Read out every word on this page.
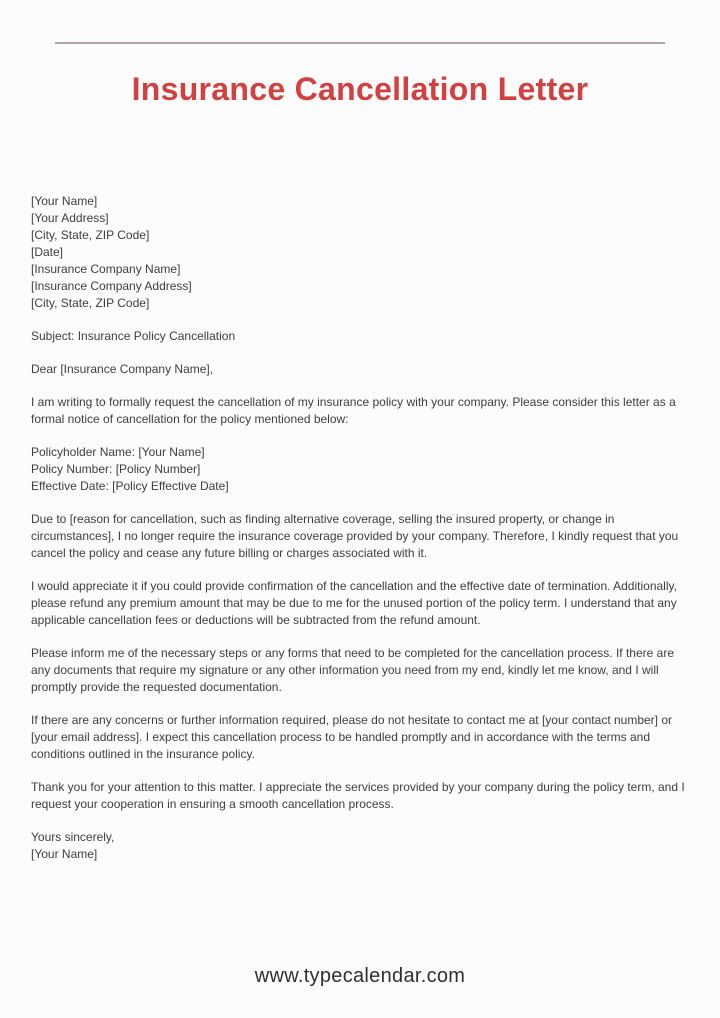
Insurance Cancellation Letter
[Your Name]
[Your Address]
[City, State, ZIP Code]
[Date]
[Insurance Company Name]
[Insurance Company Address]
[City, State, ZIP Code]

Subject: Insurance Policy Cancellation

Dear [Insurance Company Name],

I am writing to formally request the cancellation of my insurance policy with your company. Please consider this letter as a formal notice of cancellation for the policy mentioned below:

Policyholder Name: [Your Name]
Policy Number: [Policy Number]
Effective Date: [Policy Effective Date]

Due to [reason for cancellation, such as finding alternative coverage, selling the insured property, or change in circumstances], I no longer require the insurance coverage provided by your company. Therefore, I kindly request that you cancel the policy and cease any future billing or charges associated with it.

I would appreciate it if you could provide confirmation of the cancellation and the effective date of termination. Additionally, please refund any premium amount that may be due to me for the unused portion of the policy term. I understand that any applicable cancellation fees or deductions will be subtracted from the refund amount.

Please inform me of the necessary steps or any forms that need to be completed for the cancellation process. If there are any documents that require my signature or any other information you need from my end, kindly let me know, and I will promptly provide the requested documentation.

If there are any concerns or further information required, please do not hesitate to contact me at [your contact number] or [your email address]. I expect this cancellation process to be handled promptly and in accordance with the terms and conditions outlined in the insurance policy.

Thank you for your attention to this matter. I appreciate the services provided by your company during the policy term, and I request your cooperation in ensuring a smooth cancellation process.

Yours sincerely,

[Your Name]

www.typecalendar.com
